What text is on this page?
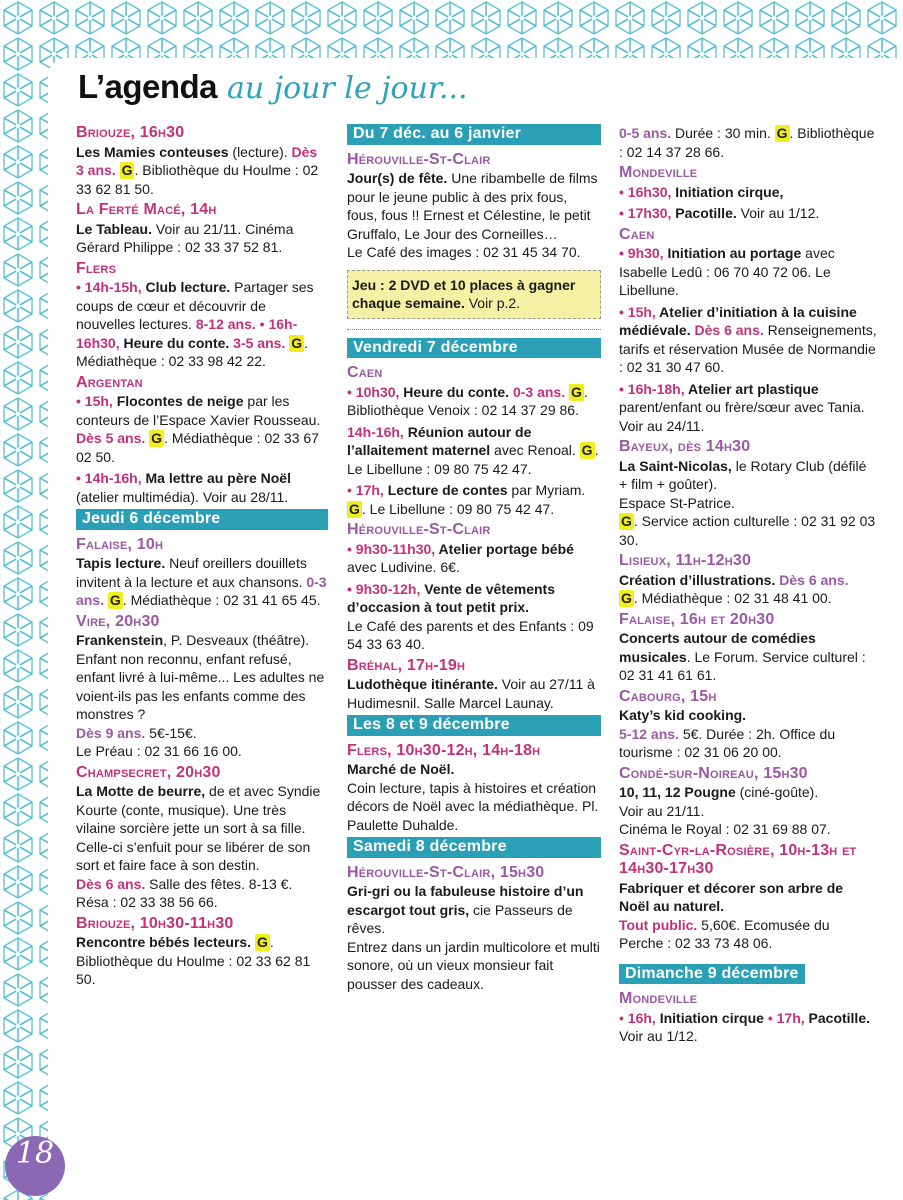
L’agenda au jour le jour...
Briouze, 16h30
Les Mamies conteuses (lecture). Dès 3 ans. G . Bibliothèque du Houlme : 02 33 62 81 50.
La Ferté Macé, 14h
Le Tableau. Voir au 21/11. Cinéma Gérard Philippe : 02 33 37 52 81.
Flers
• 14h-15h, Club lecture. Partager ses coups de cœur et découvrir de nouvelles lectures. 8-12 ans. • 16h-16h30, Heure du conte. 3-5 ans. G . Médiathèque : 02 33 98 42 22.
Argentan
• 15h, Flocontes de neige par les conteurs de l’Espace Xavier Rousseau. Dès 5 ans. G . Médiathèque : 02 33 67 02 50.
• 14h-16h, Ma lettre au père Noël (atelier multimédia). Voir au 28/11.
Jeudi 6 décembre
Falaise, 10h
Tapis lecture. Neuf oreillers douillets invitent à la lecture et aux chansons. 0-3 ans. G . Médiathèque : 02 31 41 65 45.
Vire, 20h30
Frankenstein, P. Desveaux (théâtre).
Enfant non reconnu, enfant refusé, enfant livré à lui-même... Les adultes ne voient-ils pas les enfants comme des monstres ?
Dès 9 ans. 5€-15€.
Le Préau : 02 31 66 16 00.
Champsecret, 20h30
La Motte de beurre, de et avec Syndie Kourte (conte, musique). Une très vilaine sorcière jette un sort à sa fille. Celle-ci s’enfuit pour se libérer de son sort et faire face à son destin.
Dès 6 ans. Salle des fêtes. 8-13 €.
Résa : 02 33 38 56 66.
Briouze, 10h30-11h30
Rencontre bébés lecteurs. G . Bibliothèque du Houlme : 02 33 62 81 50.
Du 7 déc. au 6 janvier
Hérouville-St-Clair
Jour(s) de fête. Une ribambelle de films pour le jeune public à des prix fous, fous, fous !! Ernest et Célestine, le petit Gruffalo, Le Jour des Corneilles…
Le Café des images : 02 31 45 34 70.
Jeu : 2 DVD et 10 places à gagner chaque semaine. Voir p.2.
Vendredi 7 décembre
Caen
• 10h30, Heure du conte. 0-3 ans. G . Bibliothèque Venoix : 02 14 37 29 86.
14h-16h, Réunion autour de l’allaitement maternel avec Renoal. G . Le Libellune : 09 80 75 42 47.
• 17h, Lecture de contes par Myriam. G . Le Libellune : 09 80 75 42 47.
Hérouville-St-Clair
• 9h30-11h30, Atelier portage bébé avec Ludivine. 6€.
• 9h30-12h, Vente de vêtements d’occasion à tout petit prix.
Le Café des parents et des Enfants : 09 54 33 63 40.
Bréhal, 17h-19h
Ludothèque itinérante. Voir au 27/11 à Hudimesnil. Salle Marcel Launay.
Les 8 et 9 décembre
Flers, 10h30-12h, 14h-18h
Marché de Noël.
Coin lecture, tapis à histoires et création décors de Noël avec la médiathèque. Pl. Paulette Duhalde.
Samedi 8 décembre
Hérouville-St-Clair, 15h30
Gri-gri ou la fabuleuse histoire d’un escargot tout gris, cie Passeurs de rêves.
Entrez dans un jardin multicolore et multi sonore, où un vieux monsieur fait pousser des cadeaux.
0-5 ans. Durée : 30 min. G . Bibliothèque : 02 14 37 28 66.
Mondeville
• 16h30, Initiation cirque,
• 17h30, Pacotille. Voir au 1/12.
Caen
• 9h30, Initiation au portage avec Isabelle Ledû : 06 70 40 72 06. Le Libellune.
• 15h, Atelier d’initiation à la cuisine médiévale. Dès 6 ans. Renseignements, tarifs et réservation Musée de Normandie : 02 31 30 47 60.
• 16h-18h, Atelier art plastique parent/enfant ou frère/sœur avec Tania. Voir au 24/11.
Bayeux, dès 14h30
La Saint-Nicolas, le Rotary Club (défilé + film + goûter).
Espace St-Patrice.
G . Service action culturelle : 02 31 92 03 30.
Lisieux, 11h-12h30
Création d’illustrations. Dès 6 ans.
G . Médiathèque : 02 31 48 41 00.
Falaise, 16h et 20h30
Concerts autour de comédies musicales. Le Forum. Service culturel : 02 31 41 61 61.
Cabourg, 15h
Katy’s kid cooking.
5-12 ans. 5€. Durée : 2h. Office du tourisme : 02 31 06 20 00.
Condé-sur-Noireau, 15h30
10, 11, 12 Pougne (ciné-goûte).
Voir au 21/11.
Cinéma le Royal : 02 31 69 88 07.
Saint-Cyr-la-Rosière, 10h-13h et 14h30-17h30
Fabriquer et décorer son arbre de Noël au naturel.
Tout public. 5,60€. Ecomusée du Perche : 02 33 73 48 06.
Dimanche 9 décembre
Mondeville
• 16h, Initiation cirque • 17h, Pacotille. Voir au 1/12.
18
